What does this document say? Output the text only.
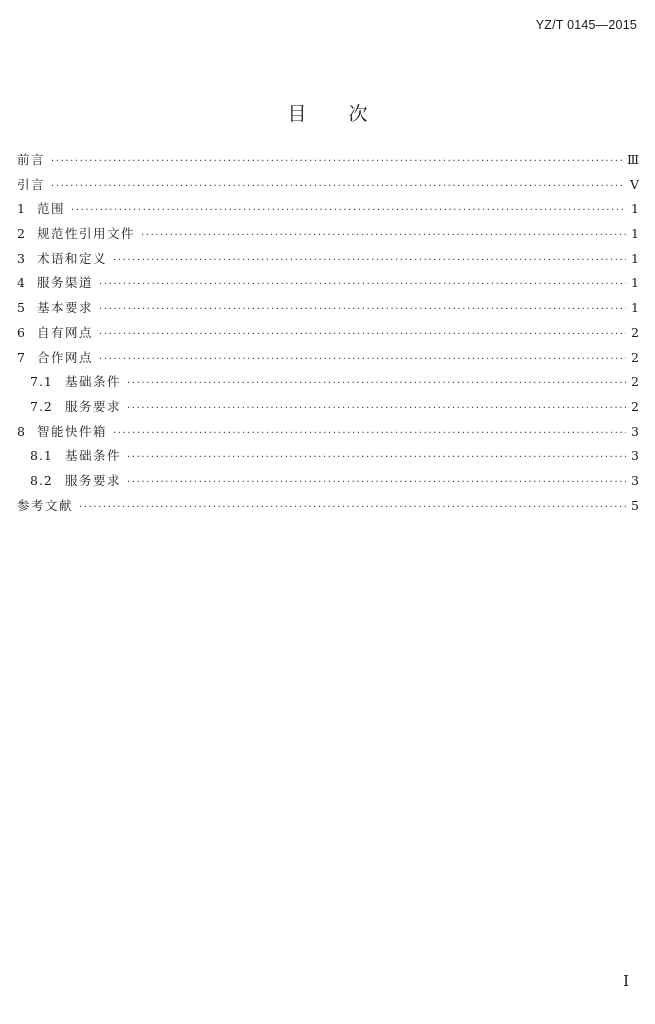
YZ/T 0145—2015
目次
前言 ·····	Ⅲ
引言 ·····	Ⅴ
1 范围 ·····	1
2 规范性引用文件 ·····	1
3 术语和定义 ·····	1
4 服务渠道 ·····	1
5 基本要求 ·····	1
6 自有网点 ·····	2
7 合作网点 ·····	2
7.1 基础条件 ·····	2
7.2 服务要求 ·····	2
8 智能快件箱 ·····	3
8.1 基础条件 ·····	3
8.2 服务要求 ·····	3
参考文献 ·····	5
Ⅰ
